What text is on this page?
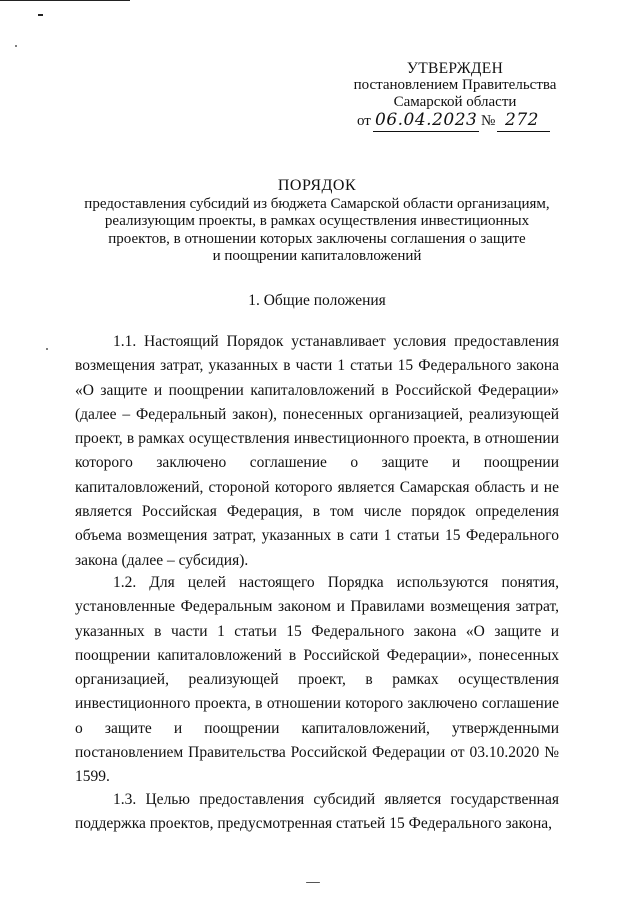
УТВЕРЖДЕН
постановлением Правительства
Самарской области
от 06.04.2023 № 272
ПОРЯДОК
предоставления субсидий из бюджета Самарской области организациям,
реализующим проекты, в рамках осуществления инвестиционных
проектов, в отношении которых заключены соглашения о защите
и поощрении капиталовложений
1. Общие положения

1.1. Настоящий Порядок устанавливает условия предоставления возмещения затрат, указанных в части 1 статьи 15 Федерального закона «О защите и поощрении капиталовложений в Российской Федерации» (далее – Федеральный закон), понесенных организацией, реализующей проект, в рамках осуществления инвестиционного проекта, в отношении которого заключено соглашение о защите и поощрении капиталовложений, стороной которого является Самарская область и не является Российская Федерация, в том числе порядок определения объема возмещения затрат, указанных в сати 1 статьи 15 Федерального закона (далее – субсидия).

1.2. Для целей настоящего Порядка используются понятия, установленные Федеральным законом и Правилами возмещения затрат, указанных в части 1 статьи 15 Федерального закона «О защите и поощрении капиталовложений в Российской Федерации», понесенных организацией, реализующей проект, в рамках осуществления инвестиционного проекта, в отношении которого заключено соглашение о защите и поощрении капиталовложений, утвержденными постановлением Правительства Российской Федерации от 03.10.2020 № 1599.

1.3. Целью предоставления субсидий является государственная поддержка проектов, предусмотренная статьей 15 Федерального закона,
